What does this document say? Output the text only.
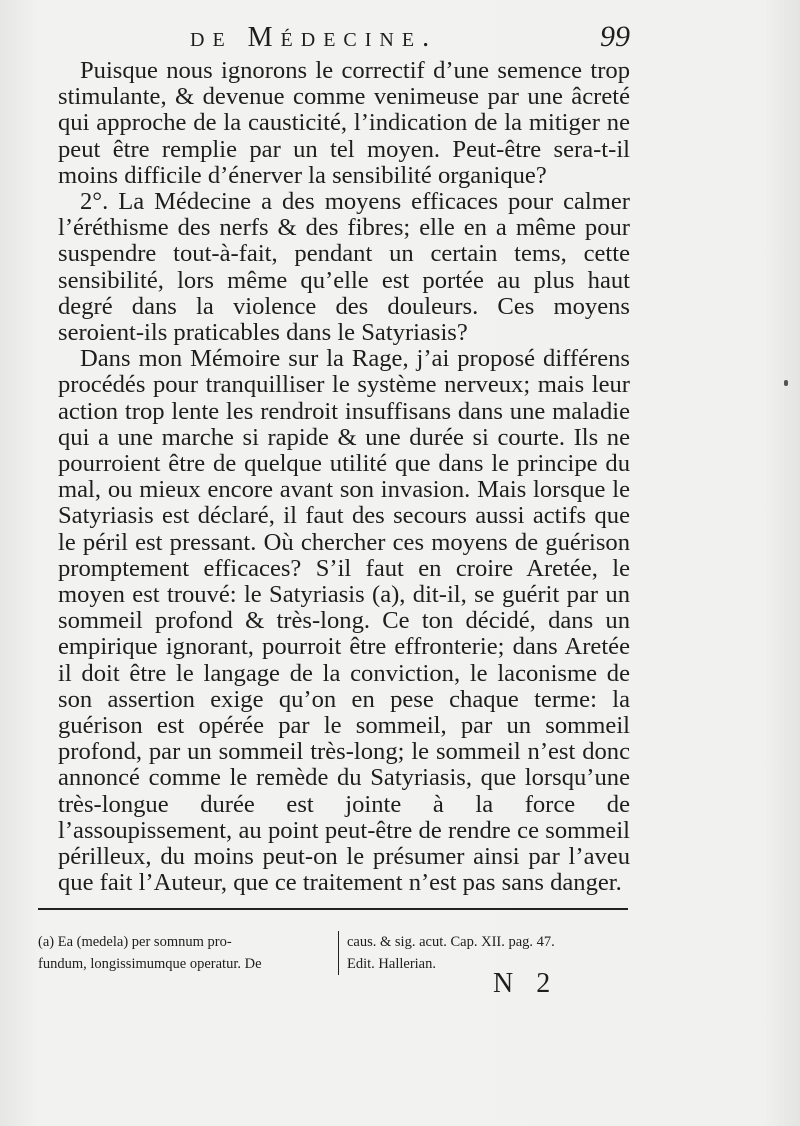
de Médecine.	99

Puisque nous ignorons le correctif d’une semence trop stimulante, & devenue comme venimeuse par une âcreté qui approche de la causticité, l’indication de la mitiger ne peut être remplie par un tel moyen. Peut-être sera-t-il moins difficile d’énerver la sensibilité organique?

2°. La Médecine a des moyens efficaces pour calmer l’éréthisme des nerfs & des fibres; elle en a même pour suspendre tout-à-fait, pendant un certain tems, cette sensibilité, lors même qu’elle est portée au plus haut degré dans la violence des douleurs. Ces moyens seroient-ils praticables dans le Satyriasis?

Dans mon Mémoire sur la Rage, j’ai proposé différens procédés pour tranquilliser le système nerveux; mais leur action trop lente les rendroit insuffisans dans une maladie qui a une marche si rapide & une durée si courte. Ils ne pourroient être de quelque utilité que dans le principe du mal, ou mieux encore avant son invasion. Mais lorsque le Satyriasis est déclaré, il faut des secours aussi actifs que le péril est pressant. Où chercher ces moyens de guérison promptement efficaces? S’il faut en croire Aretée, le moyen est trouvé: le Satyriasis (a), dit-il, se guérit par un sommeil profond & très-long. Ce ton décidé, dans un empirique ignorant, pourroit être effronterie; dans Aretée il doit être le langage de la conviction, le laconisme de son assertion exige qu’on en pese chaque terme: la guérison est opérée par le sommeil, par un sommeil profond, par un sommeil très-long; le sommeil n’est donc annoncé comme le remède du Satyriasis, que lorsqu’une très-longue durée est jointe à la force de l’assoupissement, au point peut-être de rendre ce sommeil périlleux, du moins peut-on le présumer ainsi par l’aveu que fait l’Auteur, que ce traitement n’est pas sans danger.

(a) Ea (medela) per somnum pro-
fundum, longissimumque operatur. De
caus. & sig. acut. Cap. XII. pag. 47.
Edit. Hallerian.
N 2
